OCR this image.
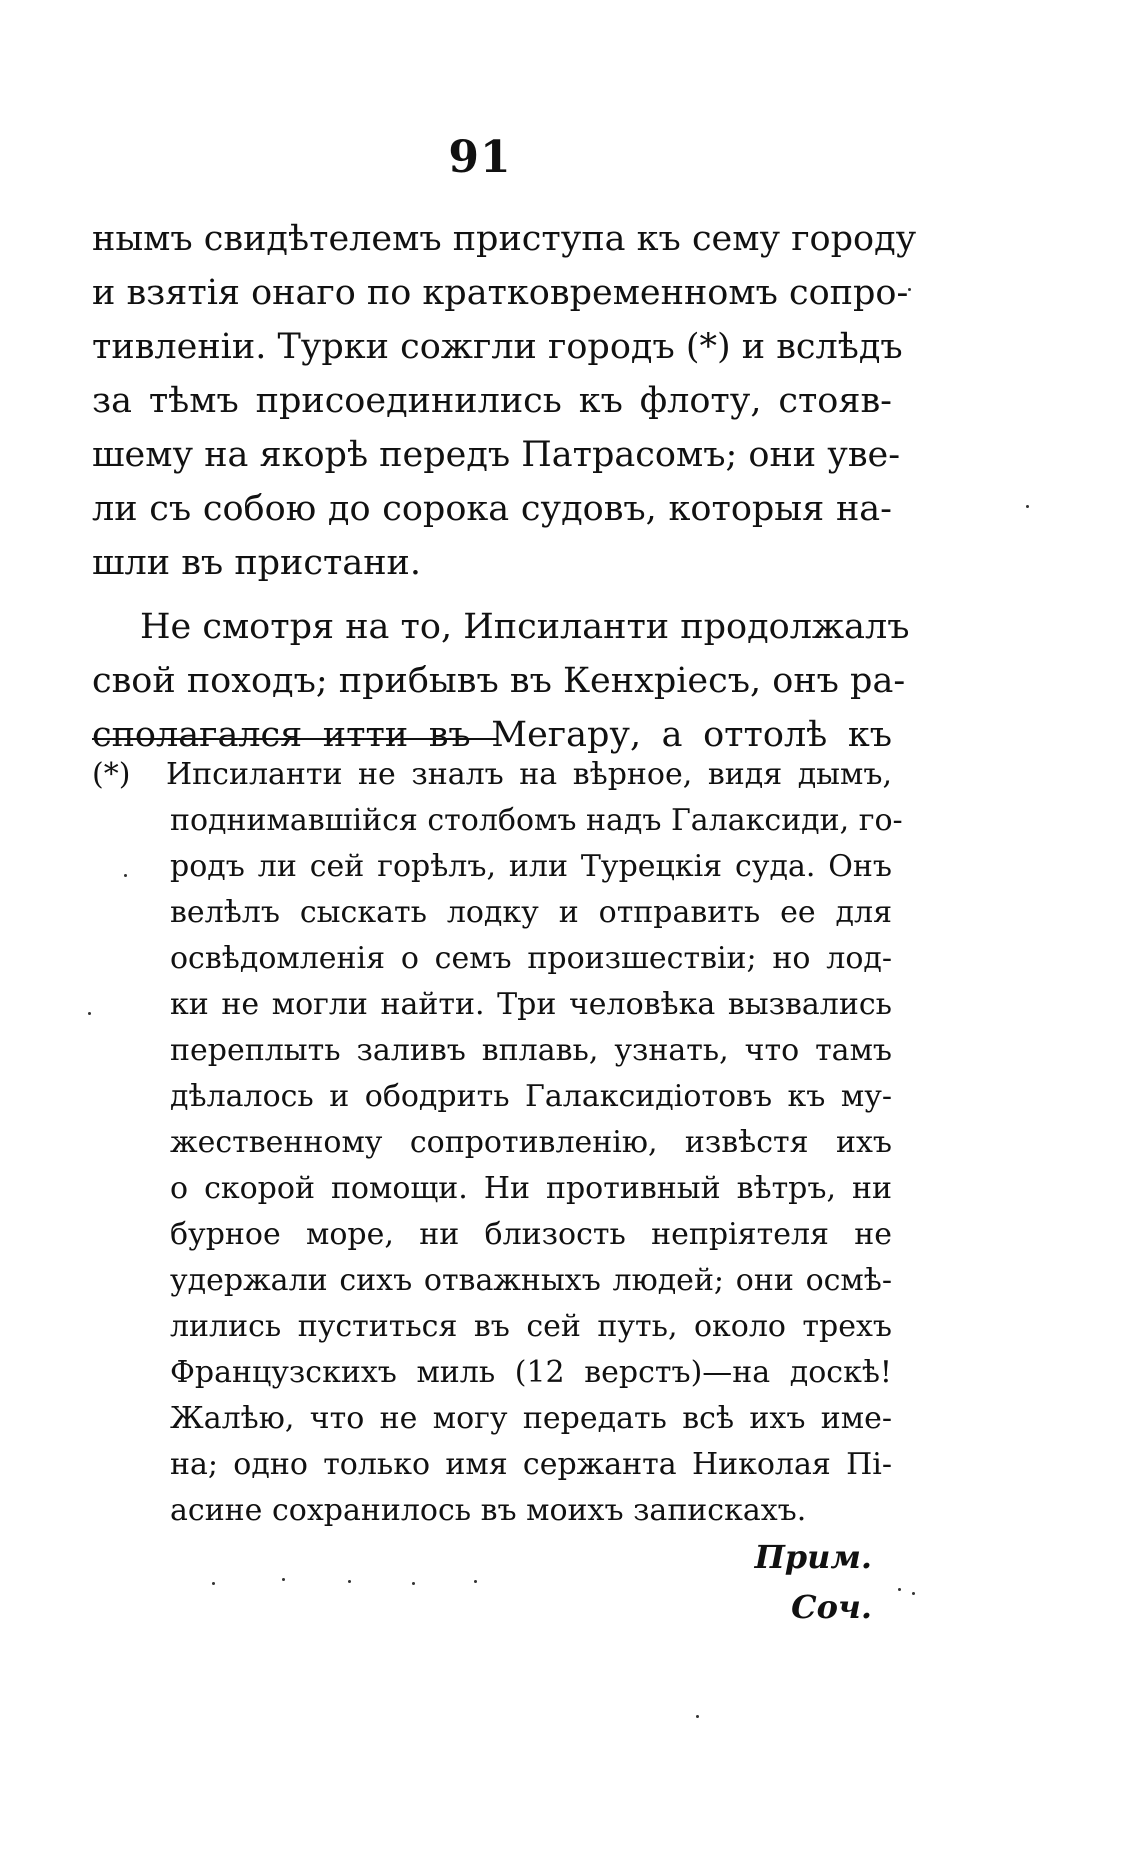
91
нымъ свидѣтелемъ приступа къ сему городу
и взятія онаго по кратковременномъ сопро-
тивленіи. Турки сожгли городъ (*) и вслѣдъ
за тѣмъ присоединились къ флоту, стояв-
шему на якорѣ передъ Патрасомъ; они уве-
ли съ собою до сорока судовъ, которыя на-
шли въ пристани.
Не смотря на то, Ипсиланти продолжалъ
свой походъ; прибывъ въ Кенхріесъ, онъ ра-
сполагался итти въ Мегару, а оттолѣ къ
(*) Ипсиланти не зналъ на вѣрное, видя дымъ,
поднимавшійся столбомъ надъ Галаксиди, го-
родъ ли сей горѣлъ, или Турецкія суда. Онъ
велѣлъ сыскать лодку и отправить ее для
освѣдомленія о семъ произшествіи; но лод-
ки не могли найти. Три человѣка вызвались
переплыть заливъ вплавь, узнать, что тамъ
дѣлалось и ободрить Галаксидіотовъ къ му-
жественному сопротивленію, извѣстя ихъ
о скорой помощи. Ни противный вѣтръ, ни
бурное море, ни близость непріятеля не
удержали сихъ отважныхъ людей; они осмѣ-
лились пуститься въ сей путь, около трехъ
Французскихъ миль (12 верстъ)—на доскѣ!
Жалѣю, что не могу передать всѣ ихъ име-
на; одно только имя сержанта Николая Пі-
асине сохранилось въ моихъ запискахъ.
Прим. Соч.
